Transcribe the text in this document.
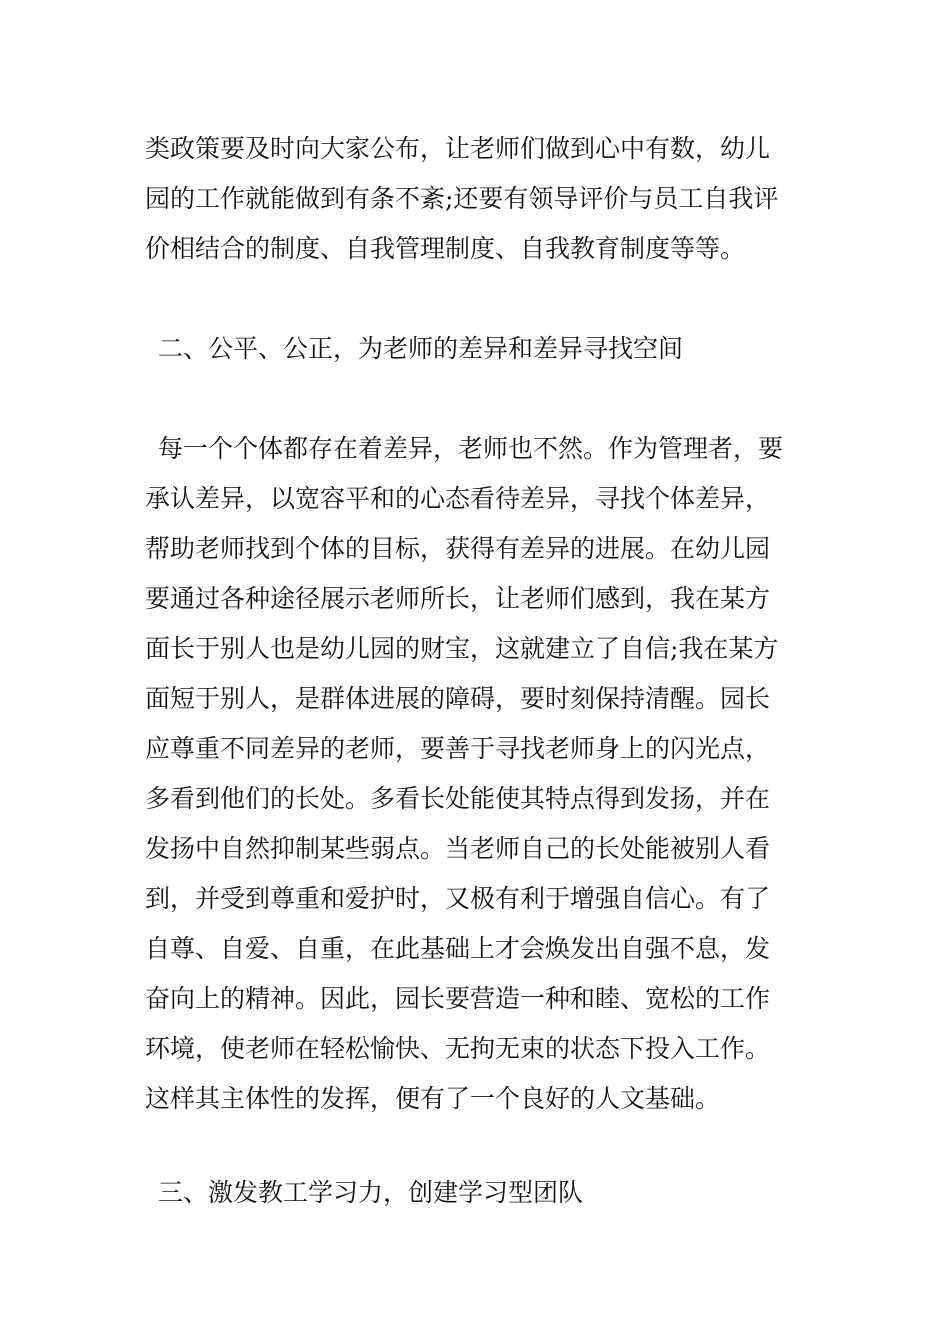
类政策要及时向大家公布，让老师们做到心中有数，幼儿
园的工作就能做到有条不紊;还要有领导评价与员工自我评
价相结合的制度、自我管理制度、自我教育制度等等。
二、公平、公正，为老师的差异和差异寻找空间
每一个个体都存在着差异，老师也不然。作为管理者，要
承认差异，以宽容平和的心态看待差异，寻找个体差异，
帮助老师找到个体的目标，获得有差异的进展。在幼儿园
要通过各种途径展示老师所长，让老师们感到，我在某方
面长于别人也是幼儿园的财宝，这就建立了自信;我在某方
面短于别人，是群体进展的障碍，要时刻保持清醒。园长
应尊重不同差异的老师，要善于寻找老师身上的闪光点，
多看到他们的长处。多看长处能使其特点得到发扬，并在
发扬中自然抑制某些弱点。当老师自己的长处能被别人看
到，并受到尊重和爱护时，又极有利于增强自信心。有了
自尊、自爱、自重，在此基础上才会焕发出自强不息，发
奋向上的精神。因此，园长要营造一种和睦、宽松的工作
环境，使老师在轻松愉快、无拘无束的状态下投入工作。
这样其主体性的发挥，便有了一个良好的人文基础。
三、激发教工学习力，创建学习型团队
